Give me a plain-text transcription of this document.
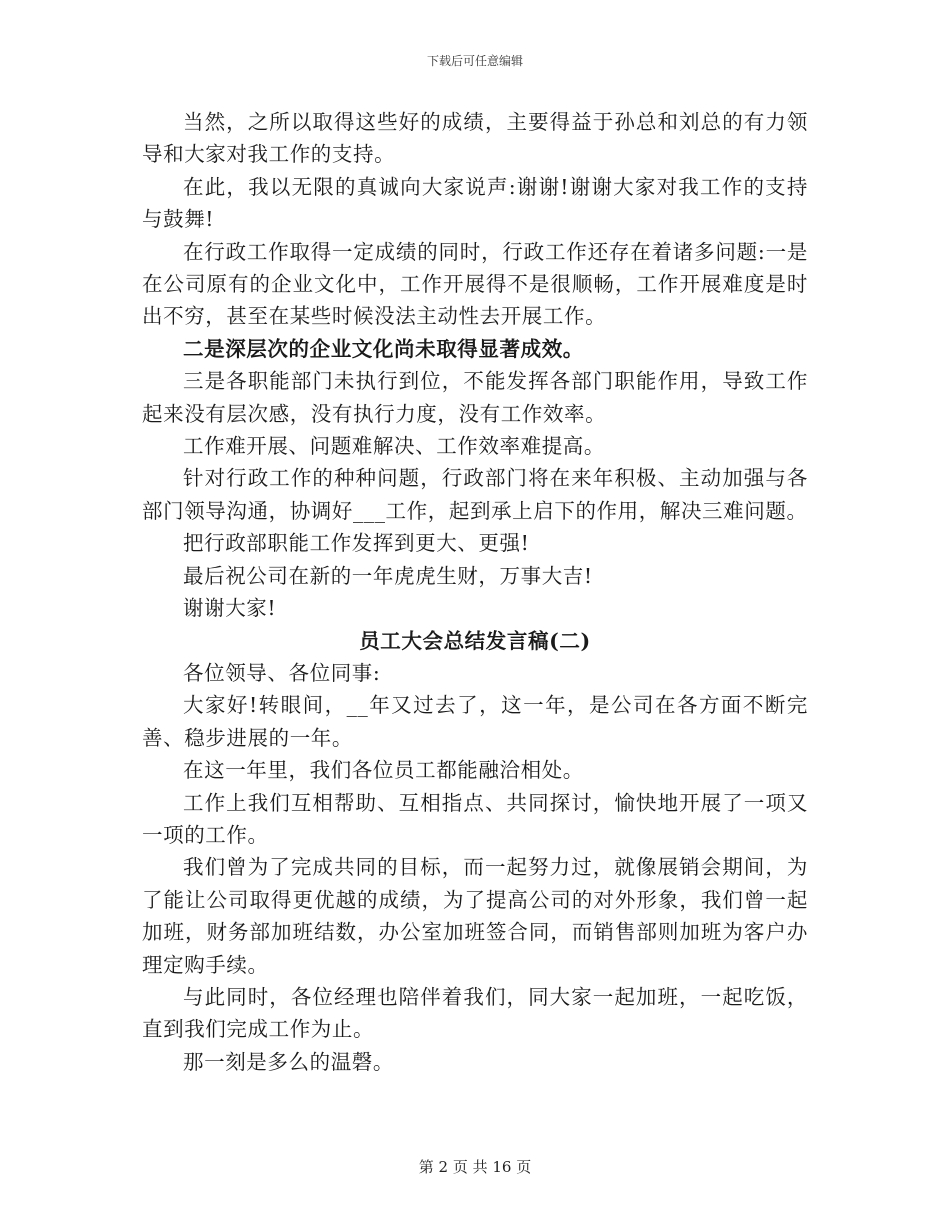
下载后可任意编辑

当然，之所以取得这些好的成绩，主要得益于孙总和刘总的有力领导和大家对我工作的支持。

在此，我以无限的真诚向大家说声:谢谢!谢谢大家对我工作的支持与鼓舞!

在行政工作取得一定成绩的同时，行政工作还存在着诸多问题:一是在公司原有的企业文化中，工作开展得不是很顺畅，工作开展难度是时出不穷，甚至在某些时候没法主动性去开展工作。

二是深层次的企业文化尚未取得显著成效。

三是各职能部门未执行到位，不能发挥各部门职能作用，导致工作起来没有层次感，没有执行力度，没有工作效率。

工作难开展、问题难解决、工作效率难提高。

针对行政工作的种种问题，行政部门将在来年积极、主动加强与各部门领导沟通，协调好___工作，起到承上启下的作用，解决三难问题。

把行政部职能工作发挥到更大、更强!

最后祝公司在新的一年虎虎生财，万事大吉!

谢谢大家!

员工大会总结发言稿(二)

各位领导、各位同事:

大家好!转眼间，__年又过去了，这一年，是公司在各方面不断完善、稳步进展的一年。

在这一年里，我们各位员工都能融洽相处。

工作上我们互相帮助、互相指点、共同探讨，愉快地开展了一项又一项的工作。

我们曾为了完成共同的目标，而一起努力过，就像展销会期间，为了能让公司取得更优越的成绩，为了提高公司的对外形象，我们曾一起加班，财务部加班结数，办公室加班签合同，而销售部则加班为客户办理定购手续。

与此同时，各位经理也陪伴着我们，同大家一起加班，一起吃饭，直到我们完成工作为止。

那一刻是多么的温磬。

第 2 页 共 16 页
